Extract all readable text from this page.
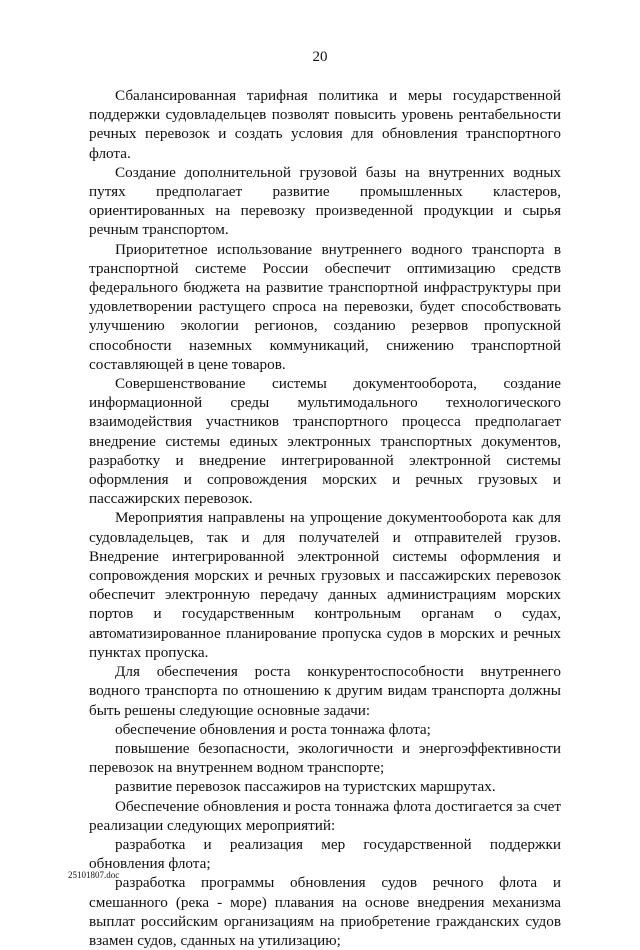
20

Сбалансированная тарифная политика и меры государственной поддержки судовладельцев позволят повысить уровень рентабельности речных перевозок и создать условия для обновления транспортного флота.

Создание дополнительной грузовой базы на внутренних водных путях предполагает развитие промышленных кластеров, ориентированных на перевозку произведенной продукции и сырья речным транспортом.

Приоритетное использование внутреннего водного транспорта в транспортной системе России обеспечит оптимизацию средств федерального бюджета на развитие транспортной инфраструктуры при удовлетворении растущего спроса на перевозки, будет способствовать улучшению экологии регионов, созданию резервов пропускной способности наземных коммуникаций, снижению транспортной составляющей в цене товаров.

Совершенствование системы документооборота, создание информационной среды мультимодального технологического взаимодействия участников транспортного процесса предполагает внедрение системы единых электронных транспортных документов, разработку и внедрение интегрированной электронной системы оформления и сопровождения морских и речных грузовых и пассажирских перевозок.

Мероприятия направлены на упрощение документооборота как для судовладельцев, так и для получателей и отправителей грузов. Внедрение интегрированной электронной системы оформления и сопровождения морских и речных грузовых и пассажирских перевозок обеспечит электронную передачу данных администрациям морских портов и государственным контрольным органам о судах, автоматизированное планирование пропуска судов в морских и речных пунктах пропуска.

Для обеспечения роста конкурентоспособности внутреннего водного транспорта по отношению к другим видам транспорта должны быть решены следующие основные задачи:

обеспечение обновления и роста тоннажа флота;

повышение безопасности, экологичности и энергоэффективности перевозок на внутреннем водном транспорте;

развитие перевозок пассажиров на туристских маршрутах.

Обеспечение обновления и роста тоннажа флота достигается за счет реализации следующих мероприятий:

разработка и реализация мер государственной поддержки обновления флота;

разработка программы обновления судов речного флота и смешанного (река - море) плавания на основе внедрения механизма выплат российским организациям на приобретение гражданских судов взамен судов, сданных на утилизацию;

25101807.doc
